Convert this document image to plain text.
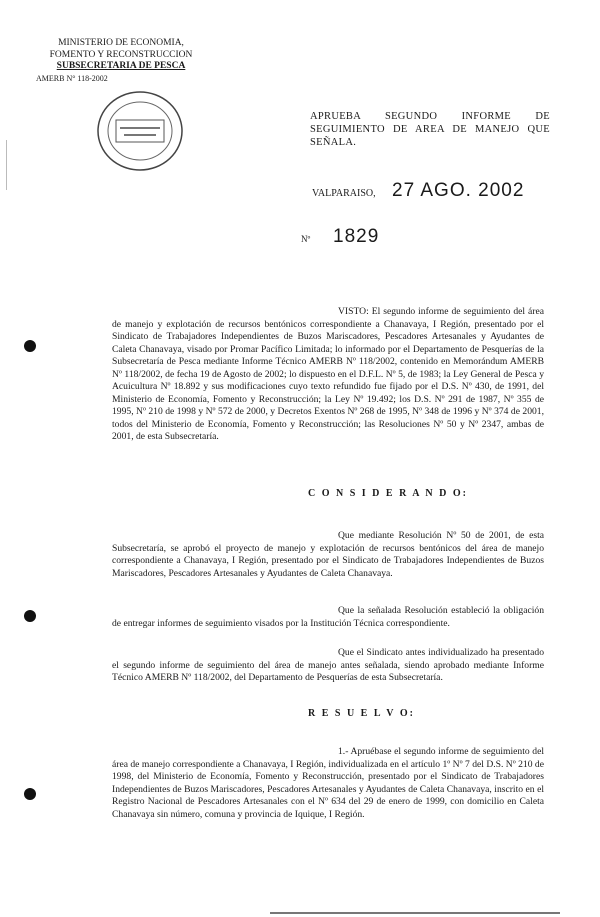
MINISTERIO DE ECONOMIA,
FOMENTO Y RECONSTRUCCION
SUBSECRETARIA DE PESCA
AMERB N° 118-2002
APRUEBA SEGUNDO INFORME DE SEGUIMIENTO DE AREA DE MANEJO QUE SEÑALA.
VALPARAISO, 27 AGO. 2002
Nº 1829
VISTO: El segundo informe de seguimiento del área de manejo y explotación de recursos bentónicos correspondiente a Chanavaya, I Región, presentado por el Sindicato de Trabajadores Independientes de Buzos Mariscadores, Pescadores Artesanales y Ayudantes de Caleta Chanavaya, visado por Promar Pacífico Limitada; lo informado por el Departamento de Pesquerías de la Subsecretaría de Pesca mediante Informe Técnico AMERB Nº 118/2002, contenido en Memorándum AMERB Nº 118/2002, de fecha 19 de Agosto de 2002; lo dispuesto en el D.F.L. Nº 5, de 1983; la Ley General de Pesca y Acuicultura Nº 18.892 y sus modificaciones cuyo texto refundido fue fijado por el D.S. Nº 430, de 1991, del Ministerio de Economía, Fomento y Reconstrucción; la Ley Nº 19.492; los D.S. Nº 291 de 1987, Nº 355 de 1995, Nº 210 de 1998 y Nº 572 de 2000, y Decretos Exentos Nº 268 de 1995, Nº 348 de 1996 y Nº 374 de 2001, todos del Ministerio de Economía, Fomento y Reconstrucción; las Resoluciones Nº 50 y Nº 2347, ambas de 2001, de esta Subsecretaría.
C O N S I D E R A N D O:
Que mediante Resolución Nº 50 de 2001, de esta Subsecretaría, se aprobó el proyecto de manejo y explotación de recursos bentónicos del área de manejo correspondiente a Chanavaya, I Región, presentado por el Sindicato de Trabajadores Independientes de Buzos Mariscadores, Pescadores Artesanales y Ayudantes de Caleta Chanavaya.
Que la señalada Resolución estableció la obligación de entregar informes de seguimiento visados por la Institución Técnica correspondiente.
Que el Sindicato antes individualizado ha presentado el segundo informe de seguimiento del área de manejo antes señalada, siendo aprobado mediante Informe Técnico AMERB Nº 118/2002, del Departamento de Pesquerías de esta Subsecretaría.
R E S U E L V O:
1.- Apruébase el segundo informe de seguimiento del área de manejo correspondiente a Chanavaya, I Región, individualizada en el artículo 1º Nº 7 del D.S. Nº 210 de 1998, del Ministerio de Economía, Fomento y Reconstrucción, presentado por el Sindicato de Trabajadores Independientes de Buzos Mariscadores, Pescadores Artesanales y Ayudantes de Caleta Chanavaya, inscrito en el Registro Nacional de Pescadores Artesanales con el Nº 634 del 29 de enero de 1999, con domicilio en Caleta Chanavaya sin número, comuna y provincia de Iquique, I Región.
